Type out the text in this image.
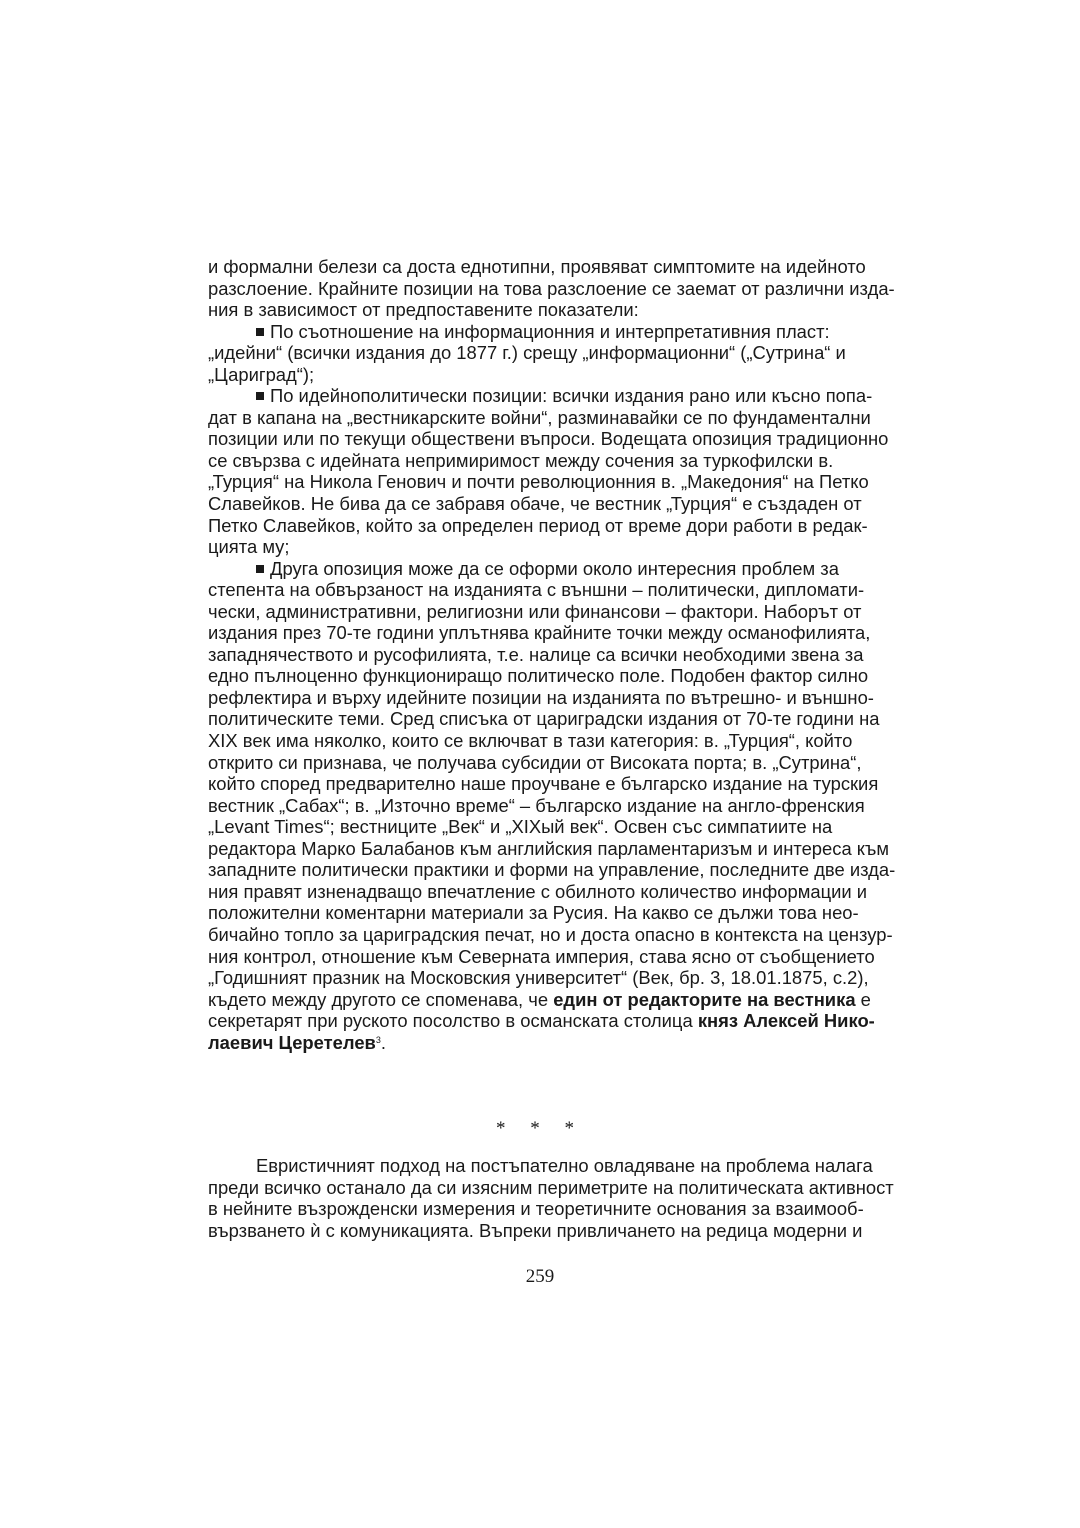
и формални белези са доста еднотипни, проявяват симптомите на идейното
разслоение. Крайните позиции на това разслоение се заемат от различни изда-
ния в зависимост от предпоставените показатели:
По съотношение на информационния и интерпретативния пласт:
„идейни“ (всички издания до 1877 г.) срещу „информационни“ („Сутрина“ и
„Цариград“);
По идейнополитически позиции: всички издания рано или късно попа-
дат в капана на „вестникарските войни“, разминавайки се по фундаментални
позиции или по текущи обществени въпроси. Водещата опозиция традиционно
се свързва с идейната непримиримост между сочения за туркофилски в.
„Турция“ на Никола Генович и почти революционния в. „Македония“ на Петко
Славейков. Не бива да се забравя обаче, че вестник „Турция“ е създаден от
Петко Славейков, който за определен период от време дори работи в редак-
цията му;
Друга опозиция може да се оформи около интересния проблем за
степента на обвързаност на изданията с външни – политически, дипломати-
чески, административни, религиозни или финансови – фактори. Наборът от
издания през 70-те години уплътнява крайните точки между османофилията,
западнячеството и русофилията, т.е. налице са всички необходими звена за
едно пълноценно функциониращо политическо поле. Подобен фактор силно
рефлектира и върху идейните позиции на изданията по вътрешно- и външно-
политическите теми. Сред списъка от цариградски издания от 70-те години на
XIX век има няколко, които се включват в тази категория: в. „Турция“, който
открито си признава, че получава субсидии от Високата порта; в. „Сутрина“,
който според предварително наше проучване е българско издание на турския
вестник „Сабах“; в. „Източно време“ – българско издание на англо-френския
„Levant Times“; вестниците „Век“ и „XIXый век“. Освен със симпатиите на
редактора Марко Балабанов към английския парламентаризъм и интереса към
западните политически практики и форми на управление, последните две изда-
ния правят изненадващо впечатление с обилното количество информации и
положителни коментарни материали за Русия. На какво се дължи това нео-
бичайно топло за цариградския печат, но и доста опасно в контекста на цензур-
ния контрол, отношение към Северната империя, става ясно от съобщението
„Годишният празник на Московския университет“ (Век, бр. 3, 18.01.1875, с.2),
където между другото се споменава, че един от редакторите на вестника е
секретарят при руското посолство в османската столица княз Алексей Нико-
лаевич Церетелев$^3$.
* * *
Евристичният подход на постъпателно овладяване на проблема налага
преди всичко останало да си изясним периметрите на политическата активност
в нейните възрожденски измерения и теоретичните основания за взаимооб-
вързването ѝ с комуникацията. Въпреки привличането на редица модерни и
259
